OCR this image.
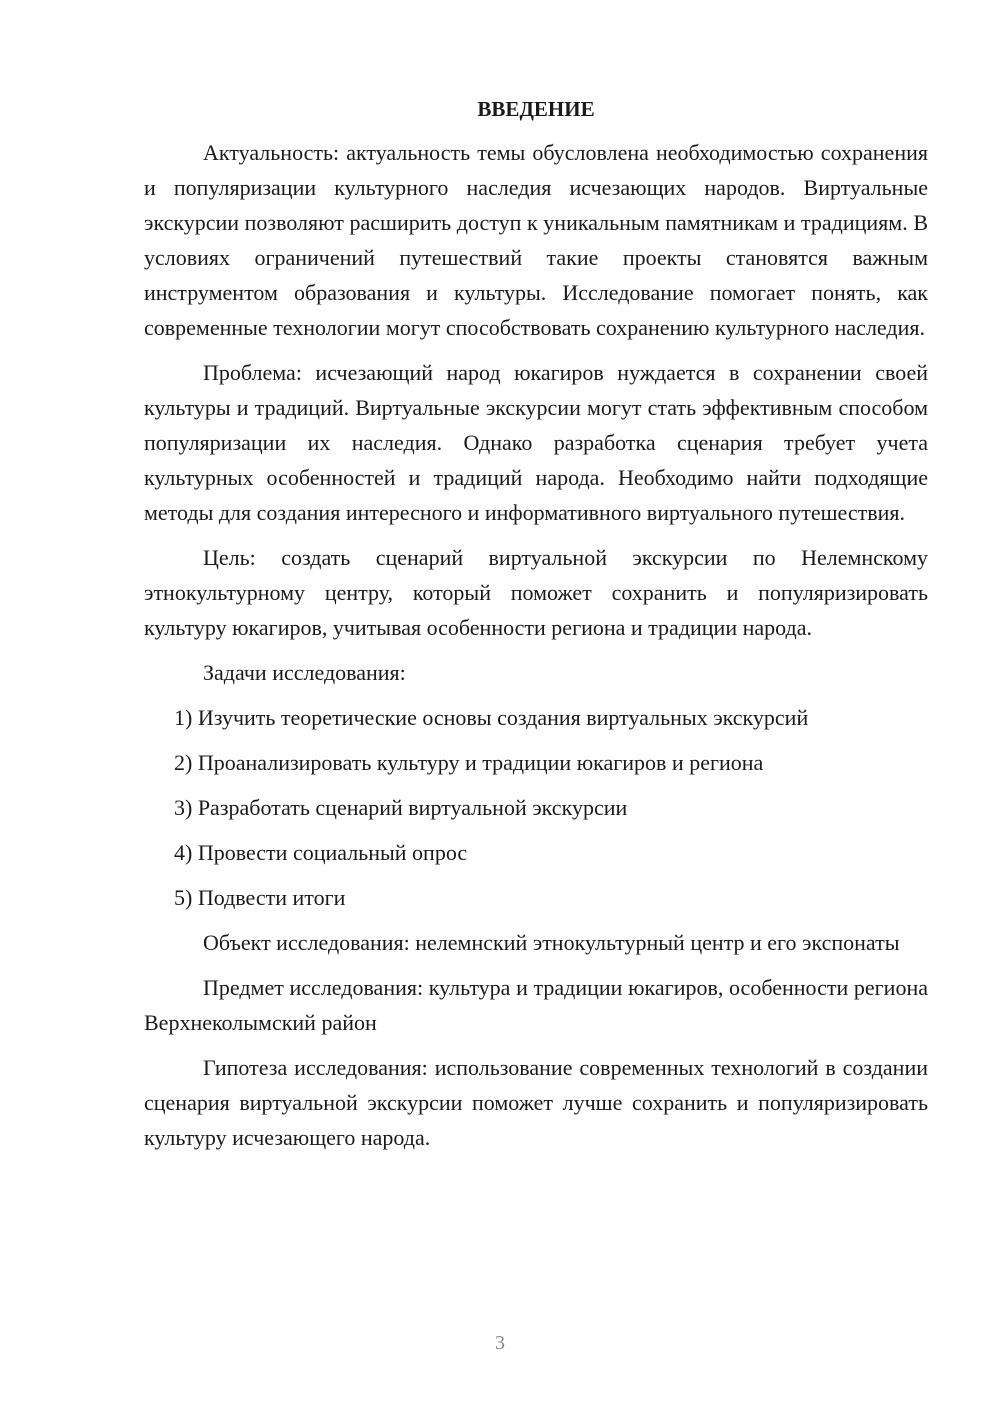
ВВЕДЕНИЕ

Актуальность: актуальность темы обусловлена необходимостью сохранения и популяризации культурного наследия исчезающих народов. Виртуальные экскурсии позволяют расширить доступ к уникальным памятникам и традициям. В условиях ограничений путешествий такие проекты становятся важным инструментом образования и культуры. Исследование помогает понять, как современные технологии могут способствовать сохранению культурного наследия.

Проблема: исчезающий народ юкагиров нуждается в сохранении своей культуры и традиций. Виртуальные экскурсии могут стать эффективным способом популяризации их наследия. Однако разработка сценария требует учета культурных особенностей и традиций народа. Необходимо найти подходящие методы для создания интересного и информативного виртуального путешествия.

Цель: создать сценарий виртуальной экскурсии по Нелемнскому этнокультурному центру, который поможет сохранить и популяризировать культуру юкагиров, учитывая особенности региона и традиции народа.

Задачи исследования:

1) Изучить теоретические основы создания виртуальных экскурсий

2) Проанализировать культуру и традиции юкагиров и региона

3) Разработать сценарий виртуальной экскурсии

4) Провести социальный опрос

5) Подвести итоги

Объект исследования: нелемнский этнокультурный центр и его экспонаты

Предмет исследования: культура и традиции юкагиров, особенности региона Верхнеколымский район

Гипотеза исследования: использование современных технологий в создании сценария виртуальной экскурсии поможет лучше сохранить и популяризировать культуру исчезающего народа.

3
